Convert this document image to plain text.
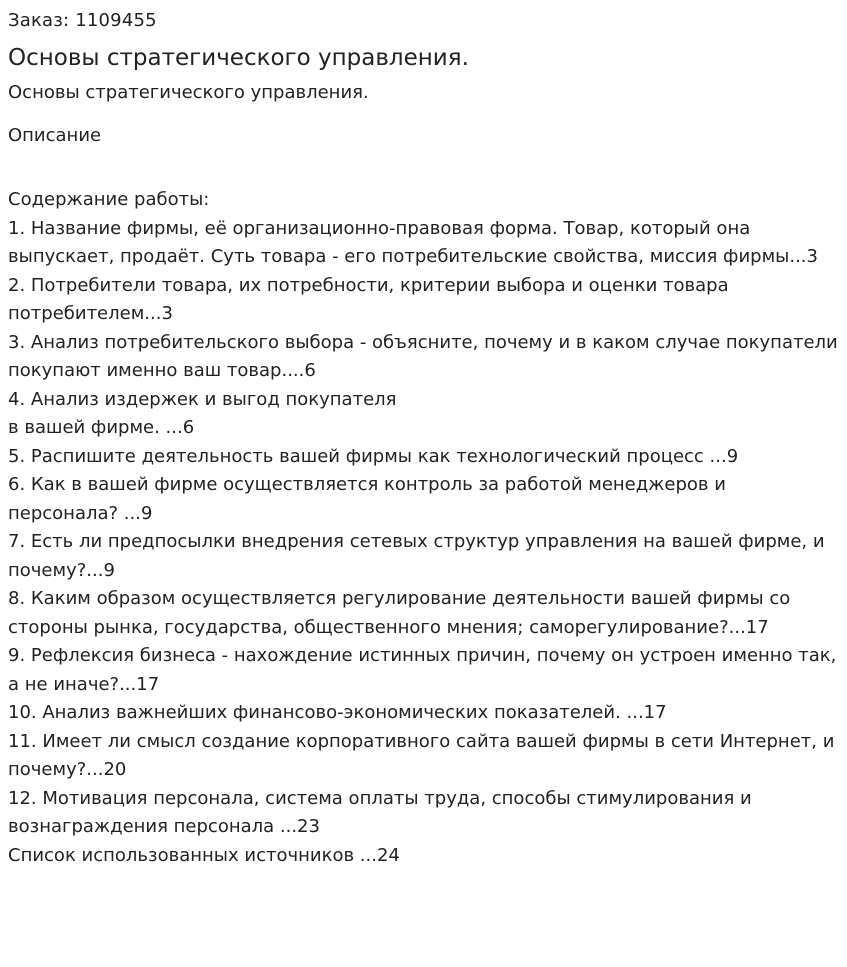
Заказ: 1109455

Основы стратегического управления.

Основы стратегического управления.

Описание

Содержание работы:

1. Название фирмы, её организационно-правовая форма. Товар, который она выпускает, продаёт. Суть товара - его потребительские свойства, миссия фирмы...3
2. Потребители товара, их потребности, критерии выбора и оценки товара потребителем...3
3. Анализ потребительского выбора - объясните, почему и в каком случае покупатели покупают именно ваш товар....6
4. Анализ издержек и выгод покупателя
в вашей фирме. ...6
5. Распишите деятельность вашей фирмы как технологический процесс ...9
6. Как в вашей фирме осуществляется контроль за работой менеджеров и персонала? ...9
7. Есть ли предпосылки внедрения сетевых структур управления на вашей фирме, и почему?...9
8. Каким образом осуществляется регулирование деятельности вашей фирмы со стороны рынка, государства, общественного мнения; саморегулирование?...17
9. Рефлексия бизнеса - нахождение истинных причин, почему он устроен именно так, а не иначе?...17
10. Анализ важнейших финансово-экономических показателей. ...17
11. Имеет ли смысл создание корпоративного сайта вашей фирмы в сети Интернет, и почему?...20
12. Мотивация персонала, система оплаты труда, способы стимулирования и вознаграждения персонала ...23
Список использованных источников ...24
